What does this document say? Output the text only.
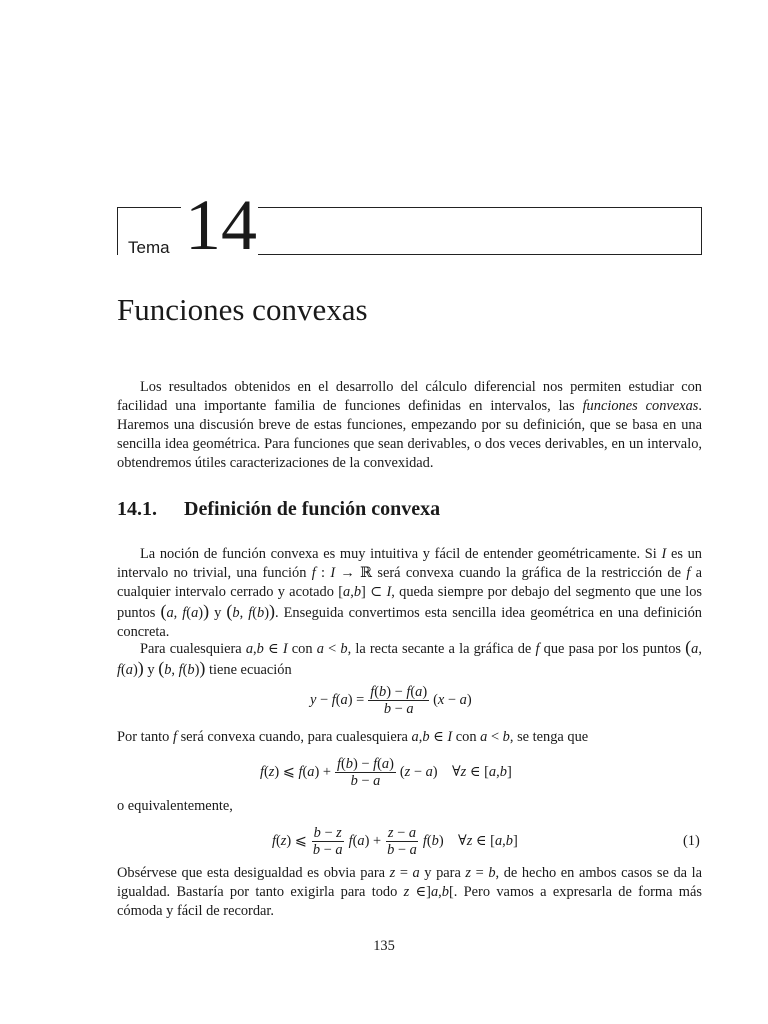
Tema 14
Funciones convexas

Los resultados obtenidos en el desarrollo del cálculo diferencial nos permiten estudiar con facilidad una importante familia de funciones definidas en intervalos, las funciones convexas. Haremos una discusión breve de estas funciones, empezando por su definición, que se basa en una sencilla idea geométrica. Para funciones que sean derivables, o dos veces derivables, en un intervalo, obtendremos útiles caracterizaciones de la convexidad.

14.1. Definición de función convexa

La noción de función convexa es muy intuitiva y fácil de entender geométricamente. Si I es un intervalo no trivial, una función f : I → ℝ será convexa cuando la gráfica de la restricción de f a cualquier intervalo cerrado y acotado [a,b] ⊂ I, queda siempre por debajo del segmento que une los puntos (a, f(a)) y (b, f(b)). Enseguida convertimos esta sencilla idea geométrica en una definición concreta.

Para cualesquiera a,b ∈ I con a < b, la recta secante a la gráfica de f que pasa por los puntos (a, f(a)) y (b, f(b)) tiene ecuación

$y - f(a) = \frac{f(b) - f(a)}{b - a} (x - a)$

Por tanto f será convexa cuando, para cualesquiera a,b ∈ I con a < b, se tenga que

f(z) ⩽ $f(a) + \frac{f(b) - f(a)}{b - a} (z - a)$    ∀z ∈ [a,b]

o equivalentemente,

f(z) ⩽ $\frac{b - z}{b - a} f(a) + \frac{z - a}{b - a} f(b)$    ∀z ∈ [a,b]	(1)

Obsérvese que esta desigualdad es obvia para z = a y para z = b, de hecho en ambos casos se da la igualdad. Bastaría por tanto exigirla para todo z ∈]a,b[. Pero vamos a expresarla de forma más cómoda y fácil de recordar.

135
